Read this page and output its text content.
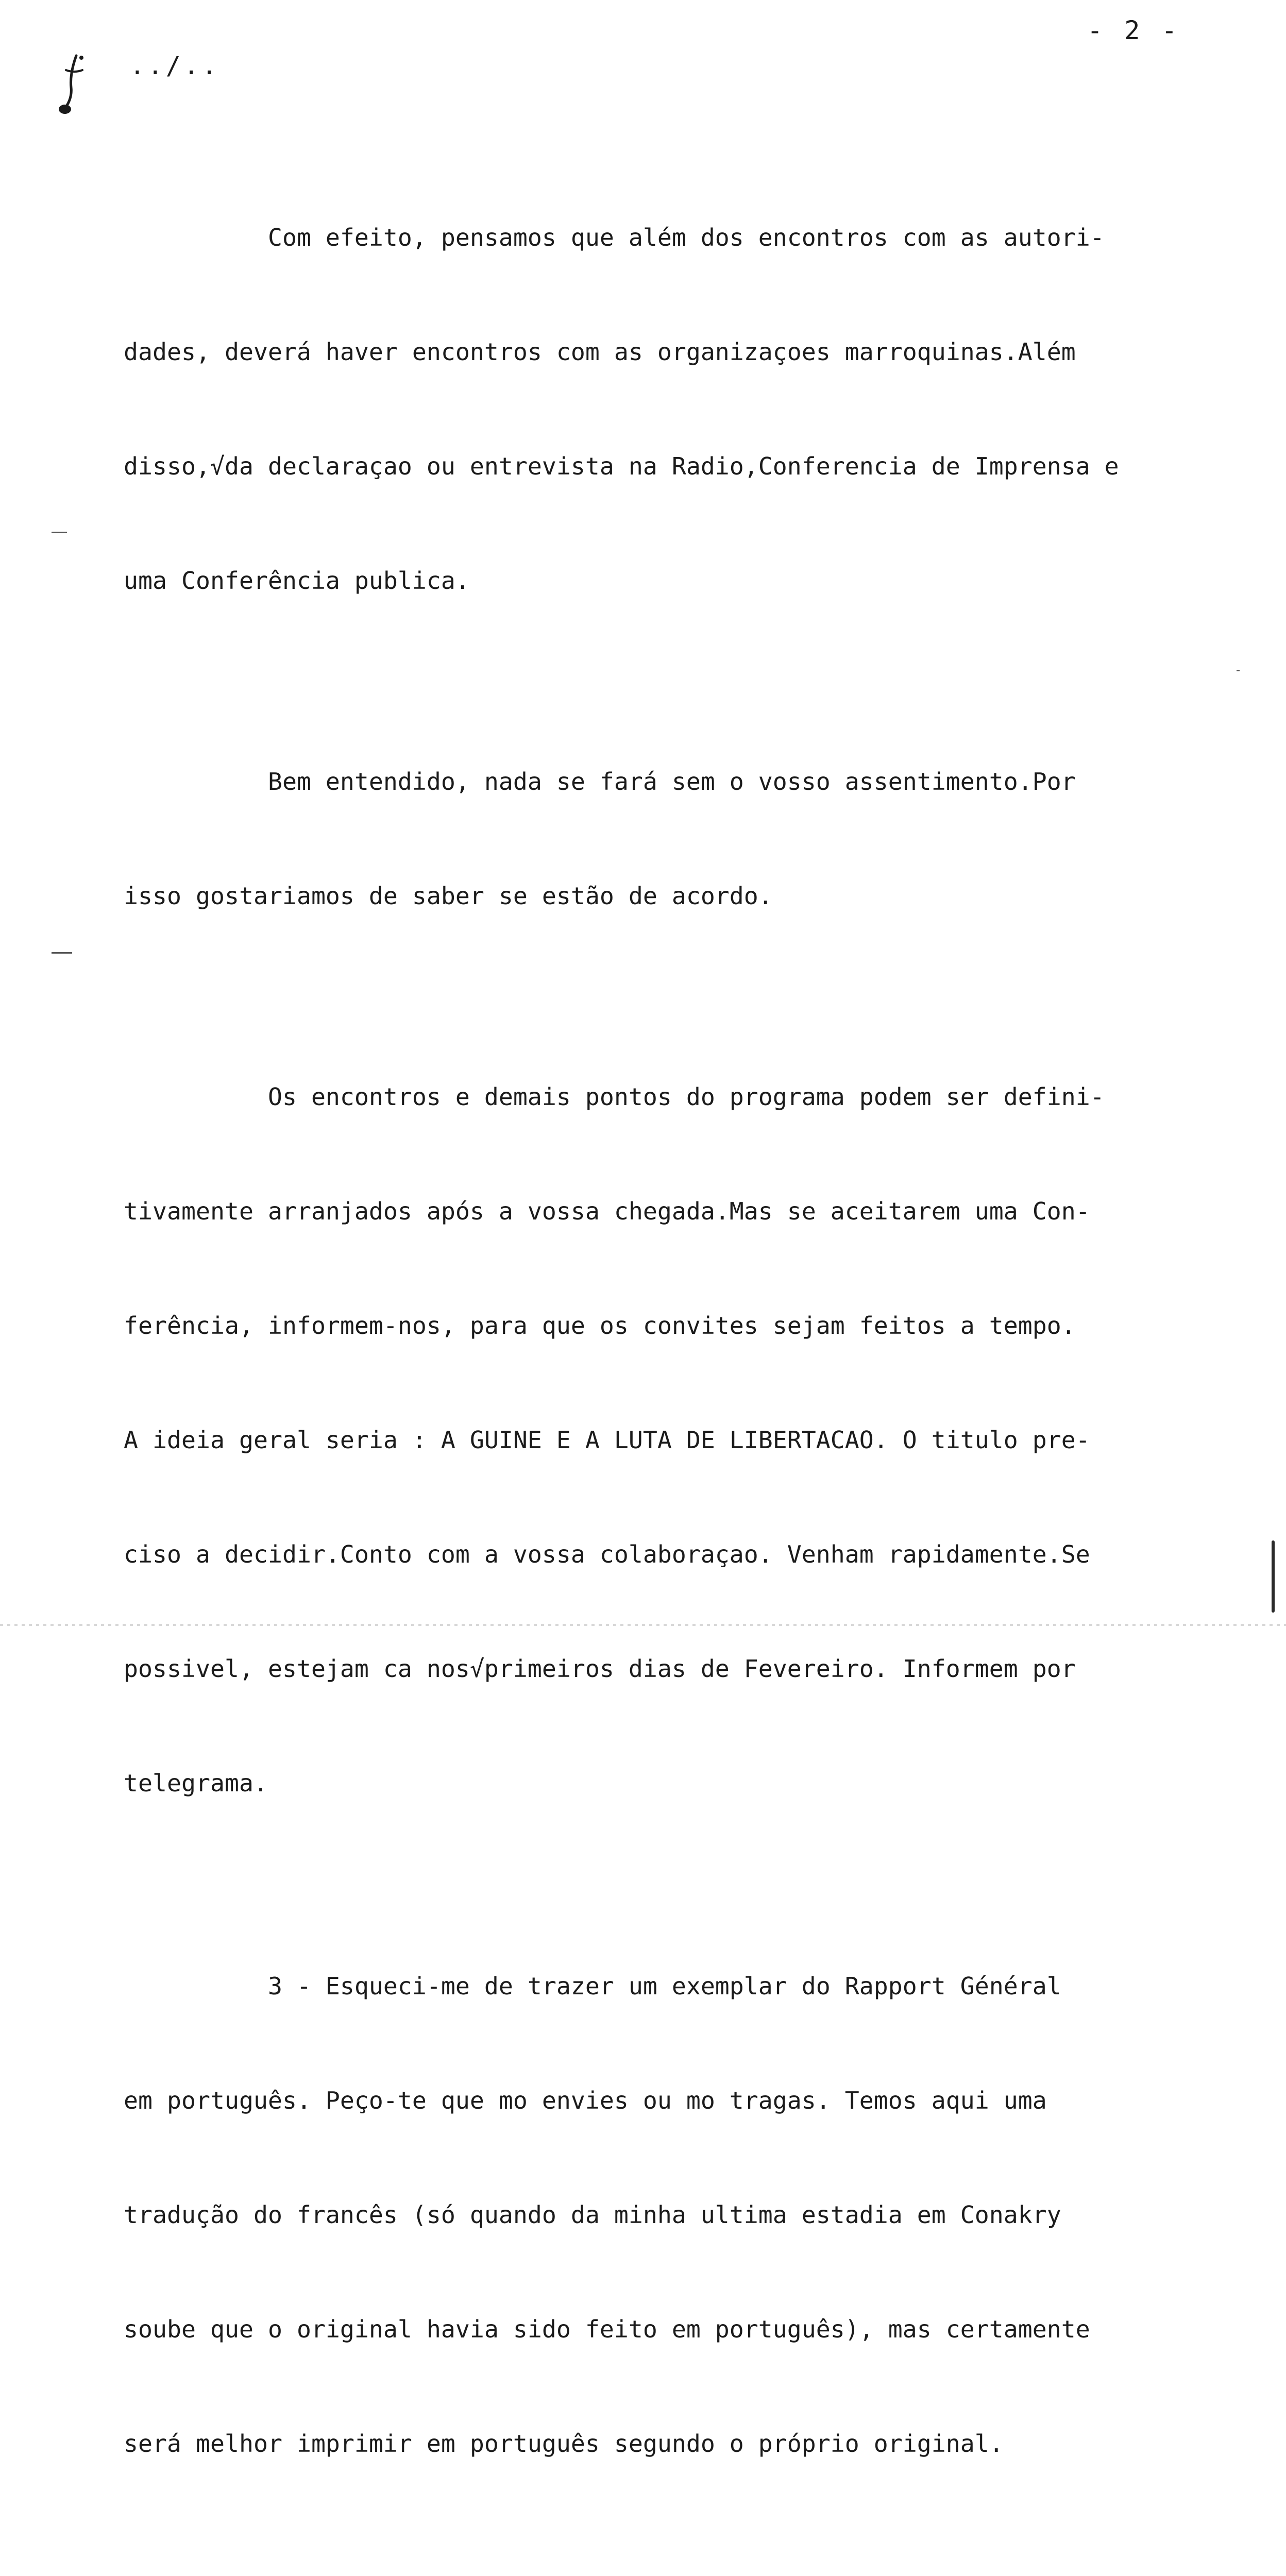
../..
- 2 -

Com efeito, pensamos que além dos encontros com as autori-

dades, deverá haver encontros com as organizaçoes marroquinas.Além

disso,√da declaraçao ou entrevista na Radio,Conferencia de Imprensa e

uma Conferência publica.

Bem entendido, nada se fará sem o vosso assentimento.Por

isso gostariamos de saber se estão de acordo.

Os encontros e demais pontos do programa podem ser defini-

tivamente arranjados após a vossa chegada.Mas se aceitarem uma Con-

ferência, informem-nos, para que os convites sejam feitos a tempo.

A ideia geral seria : A GUINE E A LUTA DE LIBERTACAO. O titulo pre-

ciso a decidir.Conto com a vossa colaboraçao. Venham rapidamente.Se

possivel, estejam ca nos√primeiros dias de Fevereiro. Informem por

telegrama.

3 - Esqueci-me de trazer um exemplar do Rapport Général

em português. Peço-te que mo envies ou mo tragas. Temos aqui uma

tradução do francês (só quando da minha ultima estadia em Conakry

soube que o original havia sido feito em português), mas certamente

será melhor imprimir em português segundo o próprio original.
